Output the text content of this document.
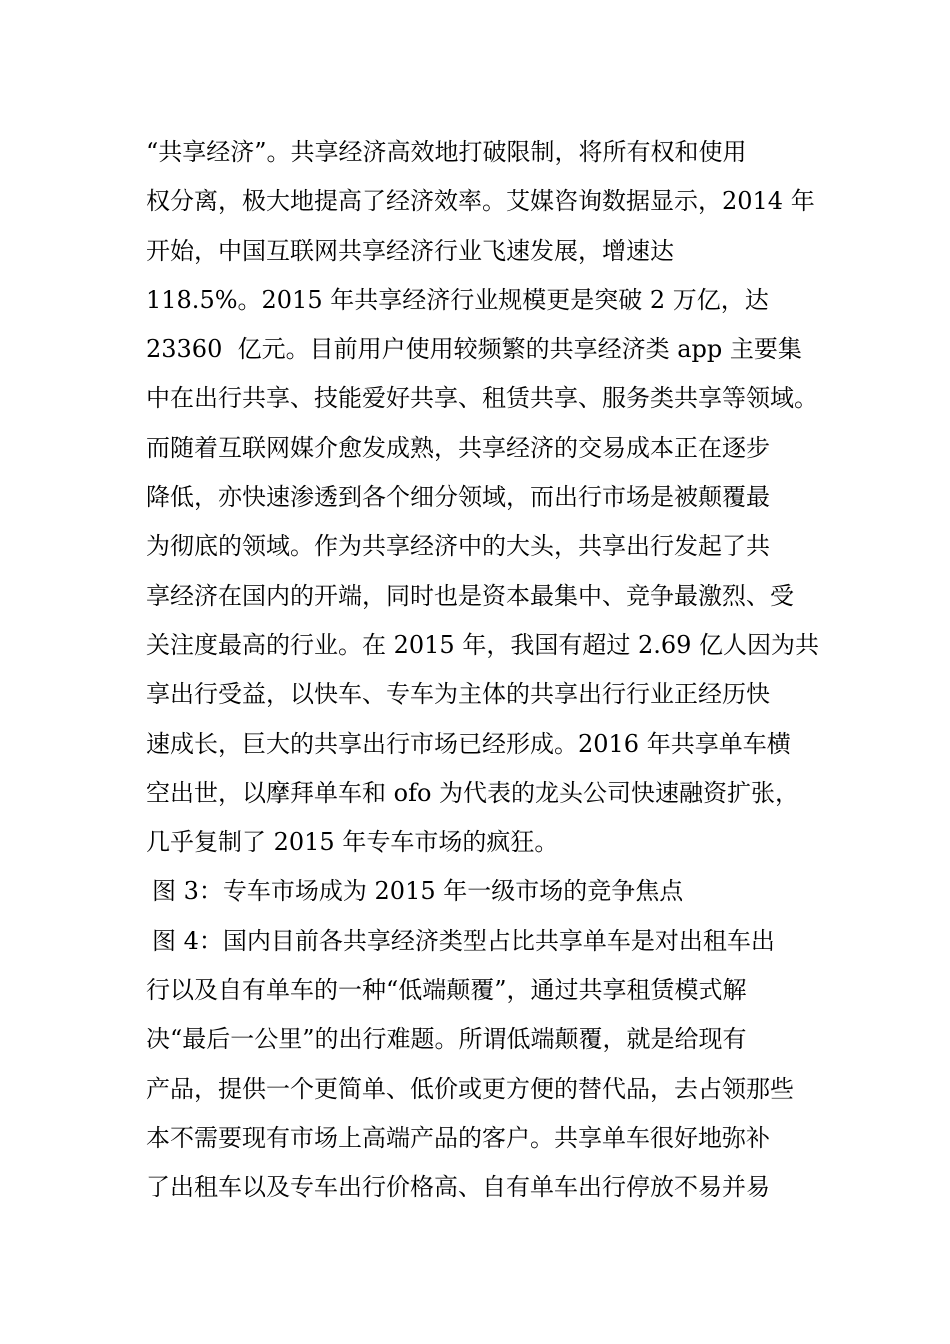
“共享经济”。共享经济高效地打破限制，将所有权和使用
权分离，极大地提高了经济效率。艾媒咨询数据显示，2014 年
开始，中国互联网共享经济行业飞速发展，增速达
118.5%。2015 年共享经济行业规模更是突破 2 万亿，达
23360  亿元。目前用户使用较频繁的共享经济类 app 主要集
中在出行共享、技能爱好共享、租赁共享、服务类共享等领域。
而随着互联网媒介愈发成熟，共享经济的交易成本正在逐步
降低，亦快速渗透到各个细分领域，而出行市场是被颠覆最
为彻底的领域。作为共享经济中的大头，共享出行发起了共
享经济在国内的开端，同时也是资本最集中、竞争最激烈、受
关注度最高的行业。在 2015 年，我国有超过 2.69 亿人因为共
享出行受益，以快车、专车为主体的共享出行行业正经历快
速成长，巨大的共享出行市场已经形成。2016 年共享单车横
空出世，以摩拜单车和 ofo 为代表的龙头公司快速融资扩张，
几乎复制了 2015 年专车市场的疯狂。
图 3：专车市场成为 2015 年一级市场的竞争焦点
图 4：国内目前各共享经济类型占比共享单车是对出租车出
行以及自有单车的一种“低端颠覆”，通过共享租赁模式解
决“最后一公里”的出行难题。所谓低端颠覆，就是给现有
产品，提供一个更简单、低价或更方便的替代品，去占领那些
本不需要现有市场上高端产品的客户。共享单车很好地弥补
了出租车以及专车出行价格高、自有单车出行停放不易并易
